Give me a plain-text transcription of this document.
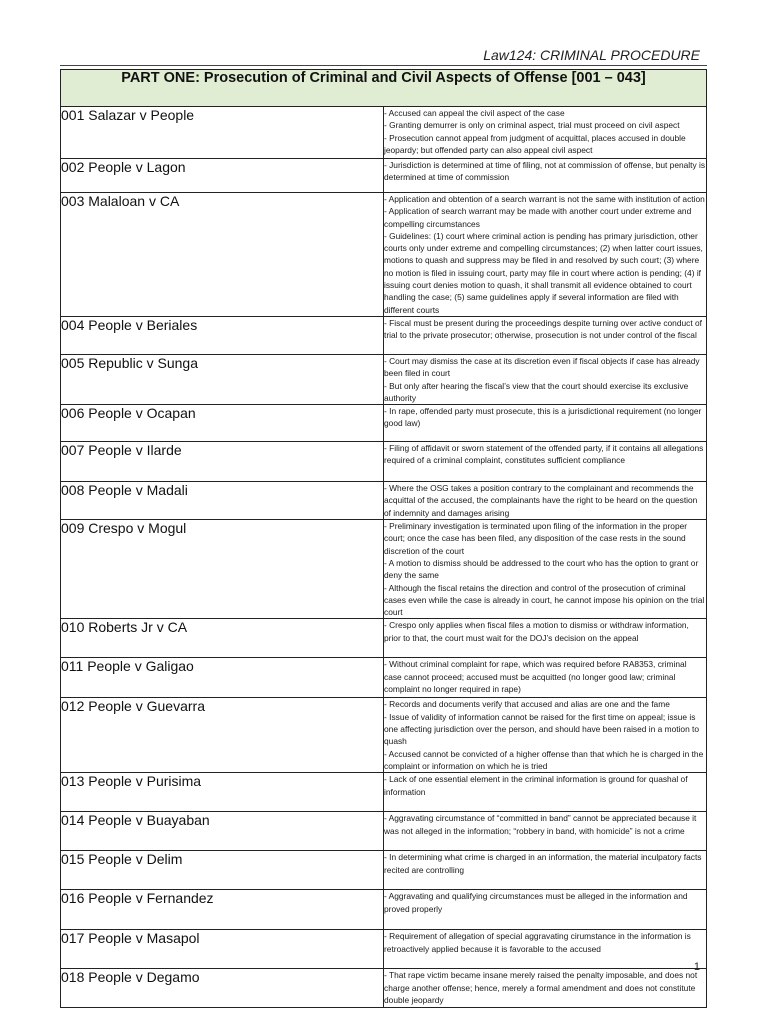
Law124: CRIMINAL PROCEDURE
PART ONE: Prosecution of Criminal and Civil Aspects of Offense [001 – 043]	
001 Salazar v People	- Accused can appeal the civil aspect of the case
- Granting demurrer is only on criminal aspect, trial must proceed on civil aspect
- Prosecution cannot appeal from judgment of acquittal, places accused in double jeopardy; but offended party can also appeal civil aspect

002 People v Lagon	- Jurisdiction is determined at time of filing, not at commission of offense, but penalty is determined at time of commission

003 Malaloan v CA	- Application and obtention of a search warrant is not the same with institution of action
- Application of search warrant may be made with another court under extreme and compelling circumstances
- Guidelines: (1) court where criminal action is pending has primary jurisdiction, other courts only under extreme and compelling circumstances; (2) when latter court issues, motions to quash and suppress may be filed in and resolved by such court; (3) where no motion is filed in issuing court, party may file in court where action is pending; (4) if issuing court denies motion to quash, it shall transmit all evidence obtained to court handling the case; (5) same guidelines apply if several information are filed with different courts

004 People v Beriales	- Fiscal must be present during the proceedings despite turning over active conduct of trial to the private prosecutor; otherwise, prosecution is not under control of the fiscal

005 Republic v Sunga	- Court may dismiss the case at its discretion even if fiscal objects if case has already been filed in court
- But only after hearing the fiscal’s view that the court should exercise its exclusive authority

006 People v Ocapan	- In rape, offended party must prosecute, this is a jurisdictional requirement (no longer good law)

007 People v Ilarde	- Filing of affidavit or sworn statement of the offended party, if it contains all allegations required of a criminal complaint, constitutes sufficient compliance

008 People v Madali	- Where the OSG takes a position contrary to the complainant and recommends the acquittal of the accused, the complainants have the right to be heard on the question of indemnity and damages arising

009 Crespo v Mogul	- Preliminary investigation is terminated upon filing of the information in the proper court; once the case has been filed, any disposition of the case rests in the sound discretion of the court
- A motion to dismiss should be addressed to the court who has the option to grant or deny the same
- Although the fiscal retains the direction and control of the prosecution of criminal cases even while the case is already in court, he cannot impose his opinion on the trial court

010 Roberts Jr v CA	- Crespo only applies when fiscal files a motion to dismiss or withdraw information, prior to that, the court must wait for the DOJ’s decision on the appeal

011 People v Galigao	- Without criminal complaint for rape, which was required before RA8353, criminal case cannot proceed; accused must be acquitted (no longer good law; criminal complaint no longer required in rape)

012 People v Guevarra	- Records and documents verify that accused and alias are one and the fame
- Issue of validity of information cannot be raised for the first time on appeal; issue is one affecting jurisdiction over the person, and should have been raised in a motion to quash
- Accused cannot be convicted of a higher offense than that which he is charged in the complaint or information on which he is tried

013 People v Purisima	- Lack of one essential element in the criminal information is ground for quashal of information

014 People v Buayaban	- Aggravating circumstance of “committed in band” cannot be appreciated because it was not alleged in the information; “robbery in band, with homicide” is not a crime

015 People v Delim	- In determining what crime is charged in an information, the material inculpatory facts recited are controlling

016 People v Fernandez	- Aggravating and qualifying circumstances must be alleged in the information and proved properly

017 People v Masapol	- Requirement of allegation of special aggravating cirumstance in the information is retroactively applied because it is favorable to the accused

018 People v Degamo	- That rape victim became insane merely raised the penalty imposable, and does not charge another offense; hence, merely a formal amendment and does not constitute double jeopardy
1
